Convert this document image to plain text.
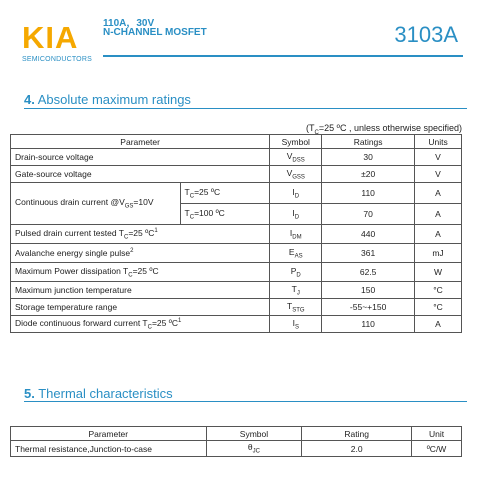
KIA
SEMICONDUCTORS
110A，30V
N-CHANNEL MOSFET	3103A
4. Absolute maximum ratings
($T_C=25$ ºC , unless otherwise specified)
Parameter		Symbol	Ratings	Units
Drain-source voltage		$V_{DSS}$	30	V
Gate-source voltage		$V_{GSS}$	±20	V
Continuous drain current $@V_{GS}=10V$	$T_C=25$ ºC	$I_D$	110	A
	$T_C=100$ ºC	$I_D$	70	A
Pulsed drain current tested $T_C=25$ ºC$^1$		$I_{DM}$	440	A
Avalanche energy single pulse$^2$		$E_{AS}$	361	mJ
Maximum Power dissipation $T_C=25$ ºC		$P_D$	62.5	W
Maximum junction temperature		$T_J$	150	°C
Storage temperature range		$T_{STG}$	-55~+150	°C
Diode continuous forward current $T_C=25$ ºC$^1$		$I_S$	110	A
5. Thermal characteristics
Parameter	Symbol	Rating	Unit
Thermal resistance,Junction-to-case	$\theta_{JC}$	2.0	ºC/W
